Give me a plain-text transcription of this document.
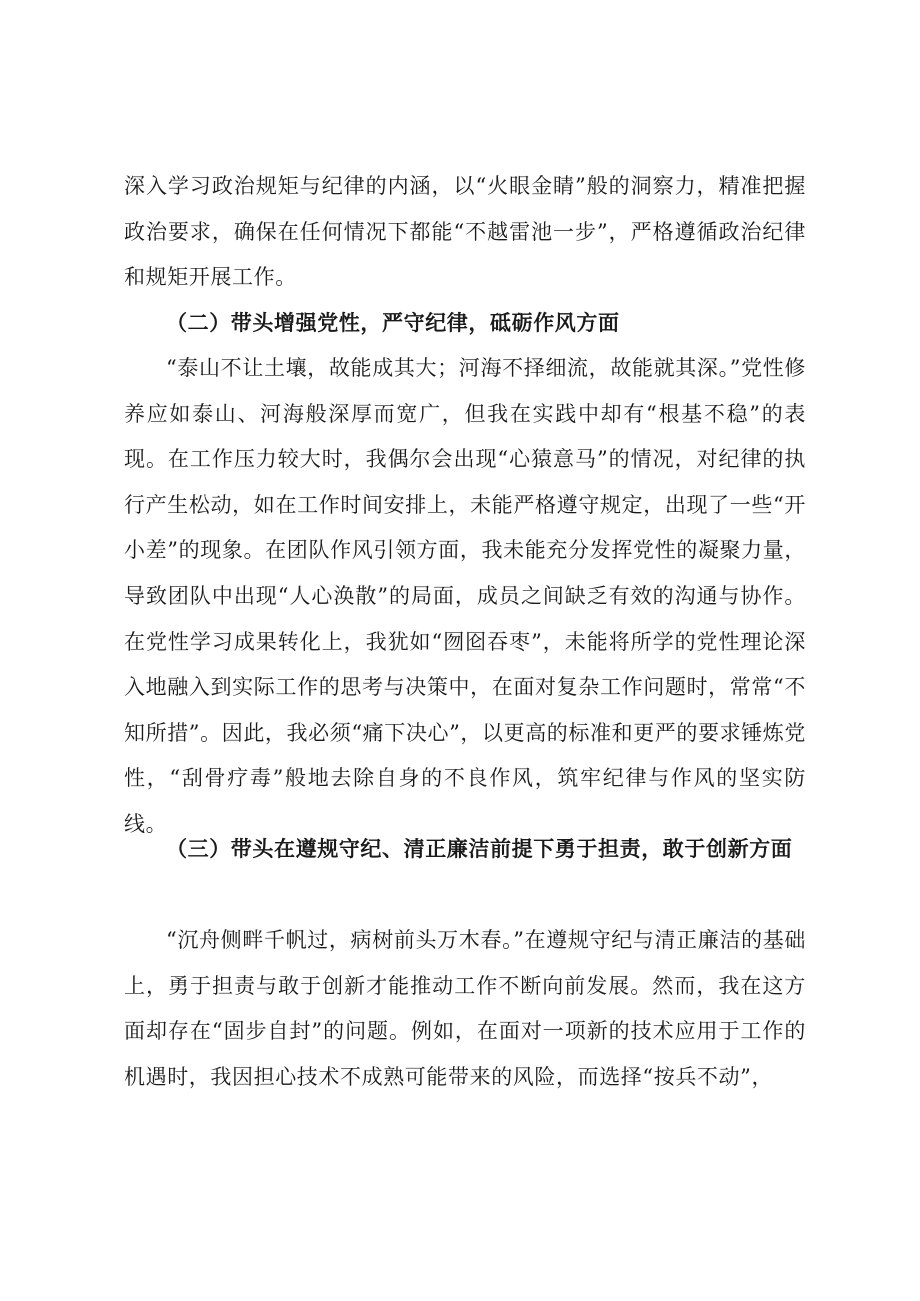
深入学习政治规矩与纪律的内涵，以“火眼金睛”般的洞察力，精准把握政治要求，确保在任何情况下都能“不越雷池一步”，严格遵循政治纪律和规矩开展工作。

（二）带头增强党性，严守纪律，砥砺作风方面

“泰山不让土壤，故能成其大；河海不择细流，故能就其深。”党性修养应如泰山、河海般深厚而宽广，但我在实践中却有“根基不稳”的表现。在工作压力较大时，我偶尔会出现“心猿意马”的情况，对纪律的执行产生松动，如在工作时间安排上，未能严格遵守规定，出现了一些“开小差”的现象。在团队作风引领方面，我未能充分发挥党性的凝聚力量，导致团队中出现“人心涣散”的局面，成员之间缺乏有效的沟通与协作。在党性学习成果转化上，我犹如“囫囵吞枣”，未能将所学的党性理论深入地融入到实际工作的思考与决策中，在面对复杂工作问题时，常常“不知所措”。因此，我必须“痛下决心”，以更高的标准和更严的要求锤炼党性，“刮骨疗毒”般地去除自身的不良作风，筑牢纪律与作风的坚实防线。

（三）带头在遵规守纪、清正廉洁前提下勇于担责，敢于创新方面

“沉舟侧畔千帆过，病树前头万木春。”在遵规守纪与清正廉洁的基础上，勇于担责与敢于创新才能推动工作不断向前发展。然而，我在这方面却存在“固步自封”的问题。例如，在面对一项新的技术应用于工作的机遇时，我因担心技术不成熟可能带来的风险，而选择“按兵不动”，
